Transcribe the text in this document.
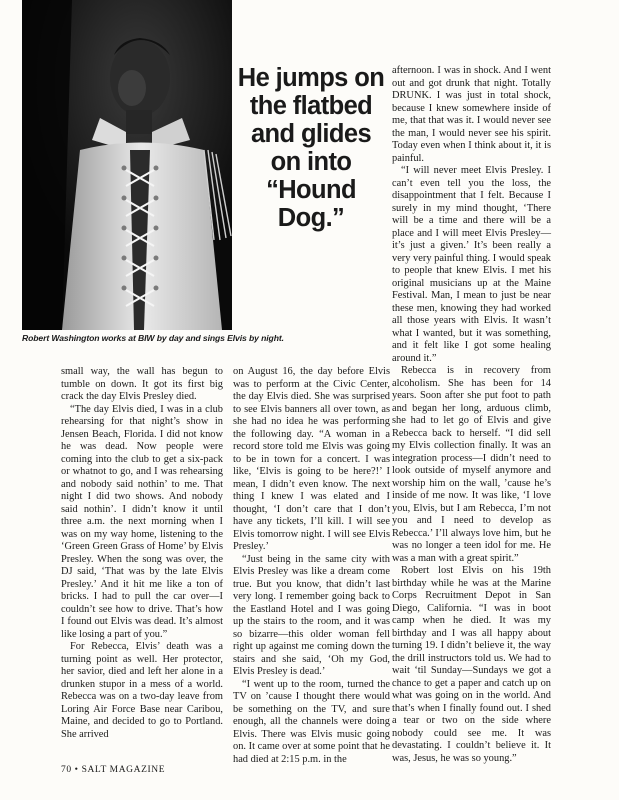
Robert Washington works at BIW by day and sings Elvis by night.
He jumps on the flatbed and glides on into “Hound Dog.”

small way, the wall has begun to tumble on down. It got its first big crack the day Elvis Presley died.

“The day Elvis died, I was in a club rehearsing for that night’s show in Jensen Beach, Florida. I did not know he was dead. Now people were coming into the club to get a six-pack or whatnot to go, and I was rehearsing and nobody said nothin’ to me. That night I did two shows. And nobody said nothin’. I didn’t know it until three a.m. the next morning when I was on my way home, listening to the ‘Green Green Grass of Home’ by Elvis Presley. When the song was over, the DJ said, ‘That was by the late Elvis Presley.’ And it hit me like a ton of bricks. I had to pull the car over—I couldn’t see how to drive. That’s how I found out Elvis was dead. It’s almost like losing a part of you.”

For Rebecca, Elvis’ death was a turning point as well. Her protector, her savior, died and left her alone in a drunken stupor in a mess of a world. Rebecca was on a two-day leave from Loring Air Force Base near Caribou, Maine, and decided to go to Portland. She arrived

on August 16, the day before Elvis was to perform at the Civic Center, the day Elvis died. She was surprised to see Elvis banners all over town, as she had no idea he was performing the following day. “A woman in a record store told me Elvis was going to be in town for a concert. I was like, ‘Elvis is going to be here?!’ I mean, I didn’t even know. The next thing I knew I was elated and I thought, ‘I don’t care that I don’t have any tickets, I’ll kill. I will see Elvis tomorrow night. I will see Elvis Presley.’

“Just being in the same city with Elvis Presley was like a dream come true. But you know, that didn’t last very long. I remember going back to the Eastland Hotel and I was going up the stairs to the room, and it was so bizarre—this older woman fell right up against me coming down the stairs and she said, ‘Oh my God, Elvis Presley is dead.’

“I went up to the room, turned the TV on ’cause I thought there would be something on the TV, and sure enough, all the channels were doing Elvis. There was Elvis music going on. It came over at some point that he had died at 2:15 p.m. in the

afternoon. I was in shock. And I went out and got drunk that night. Totally DRUNK. I was just in total shock, because I knew somewhere inside of me, that that was it. I would never see the man, I would never see his spirit. Today even when I think about it, it is painful.

“I will never meet Elvis Presley. I can’t even tell you the loss, the disappointment that I felt. Because I surely in my mind thought, ‘There will be a time and there will be a place and I will meet Elvis Presley—it’s just a given.’ It’s been really a very very painful thing. I would speak to people that knew Elvis. I met his original musicians up at the Maine Festival. Man, I mean to just be near these men, knowing they had worked all those years with Elvis. It wasn’t what I wanted, but it was something, and it felt like I got some healing around it.”

Rebecca is in recovery from alcoholism. She has been for 14 years. Soon after she put foot to path and began her long, arduous climb, she had to let go of Elvis and give Rebecca back to herself. “I did sell my Elvis collection finally. It was an integration process—I didn’t need to look outside of myself anymore and worship him on the wall, ’cause he’s inside of me now. It was like, ‘I love you, Elvis, but I am Rebecca, I’m not you and I need to develop as Rebecca.’ I’ll always love him, but he was no longer a teen idol for me. He was a man with a great spirit.”

Robert lost Elvis on his 19th birthday while he was at the Marine Corps Recruitment Depot in San Diego, California. “I was in boot camp when he died. It was my birthday and I was all happy about turning 19. I didn’t believe it, the way the drill instructors told us. We had to wait ‘til Sunday—Sundays we got a chance to get a paper and catch up on what was going on in the world. And that’s when I finally found out. I shed a tear or two on the side where nobody could see me. It was devastating. I couldn’t believe it. It was, Jesus, he was so young.”

70 • SALT MAGAZINE
